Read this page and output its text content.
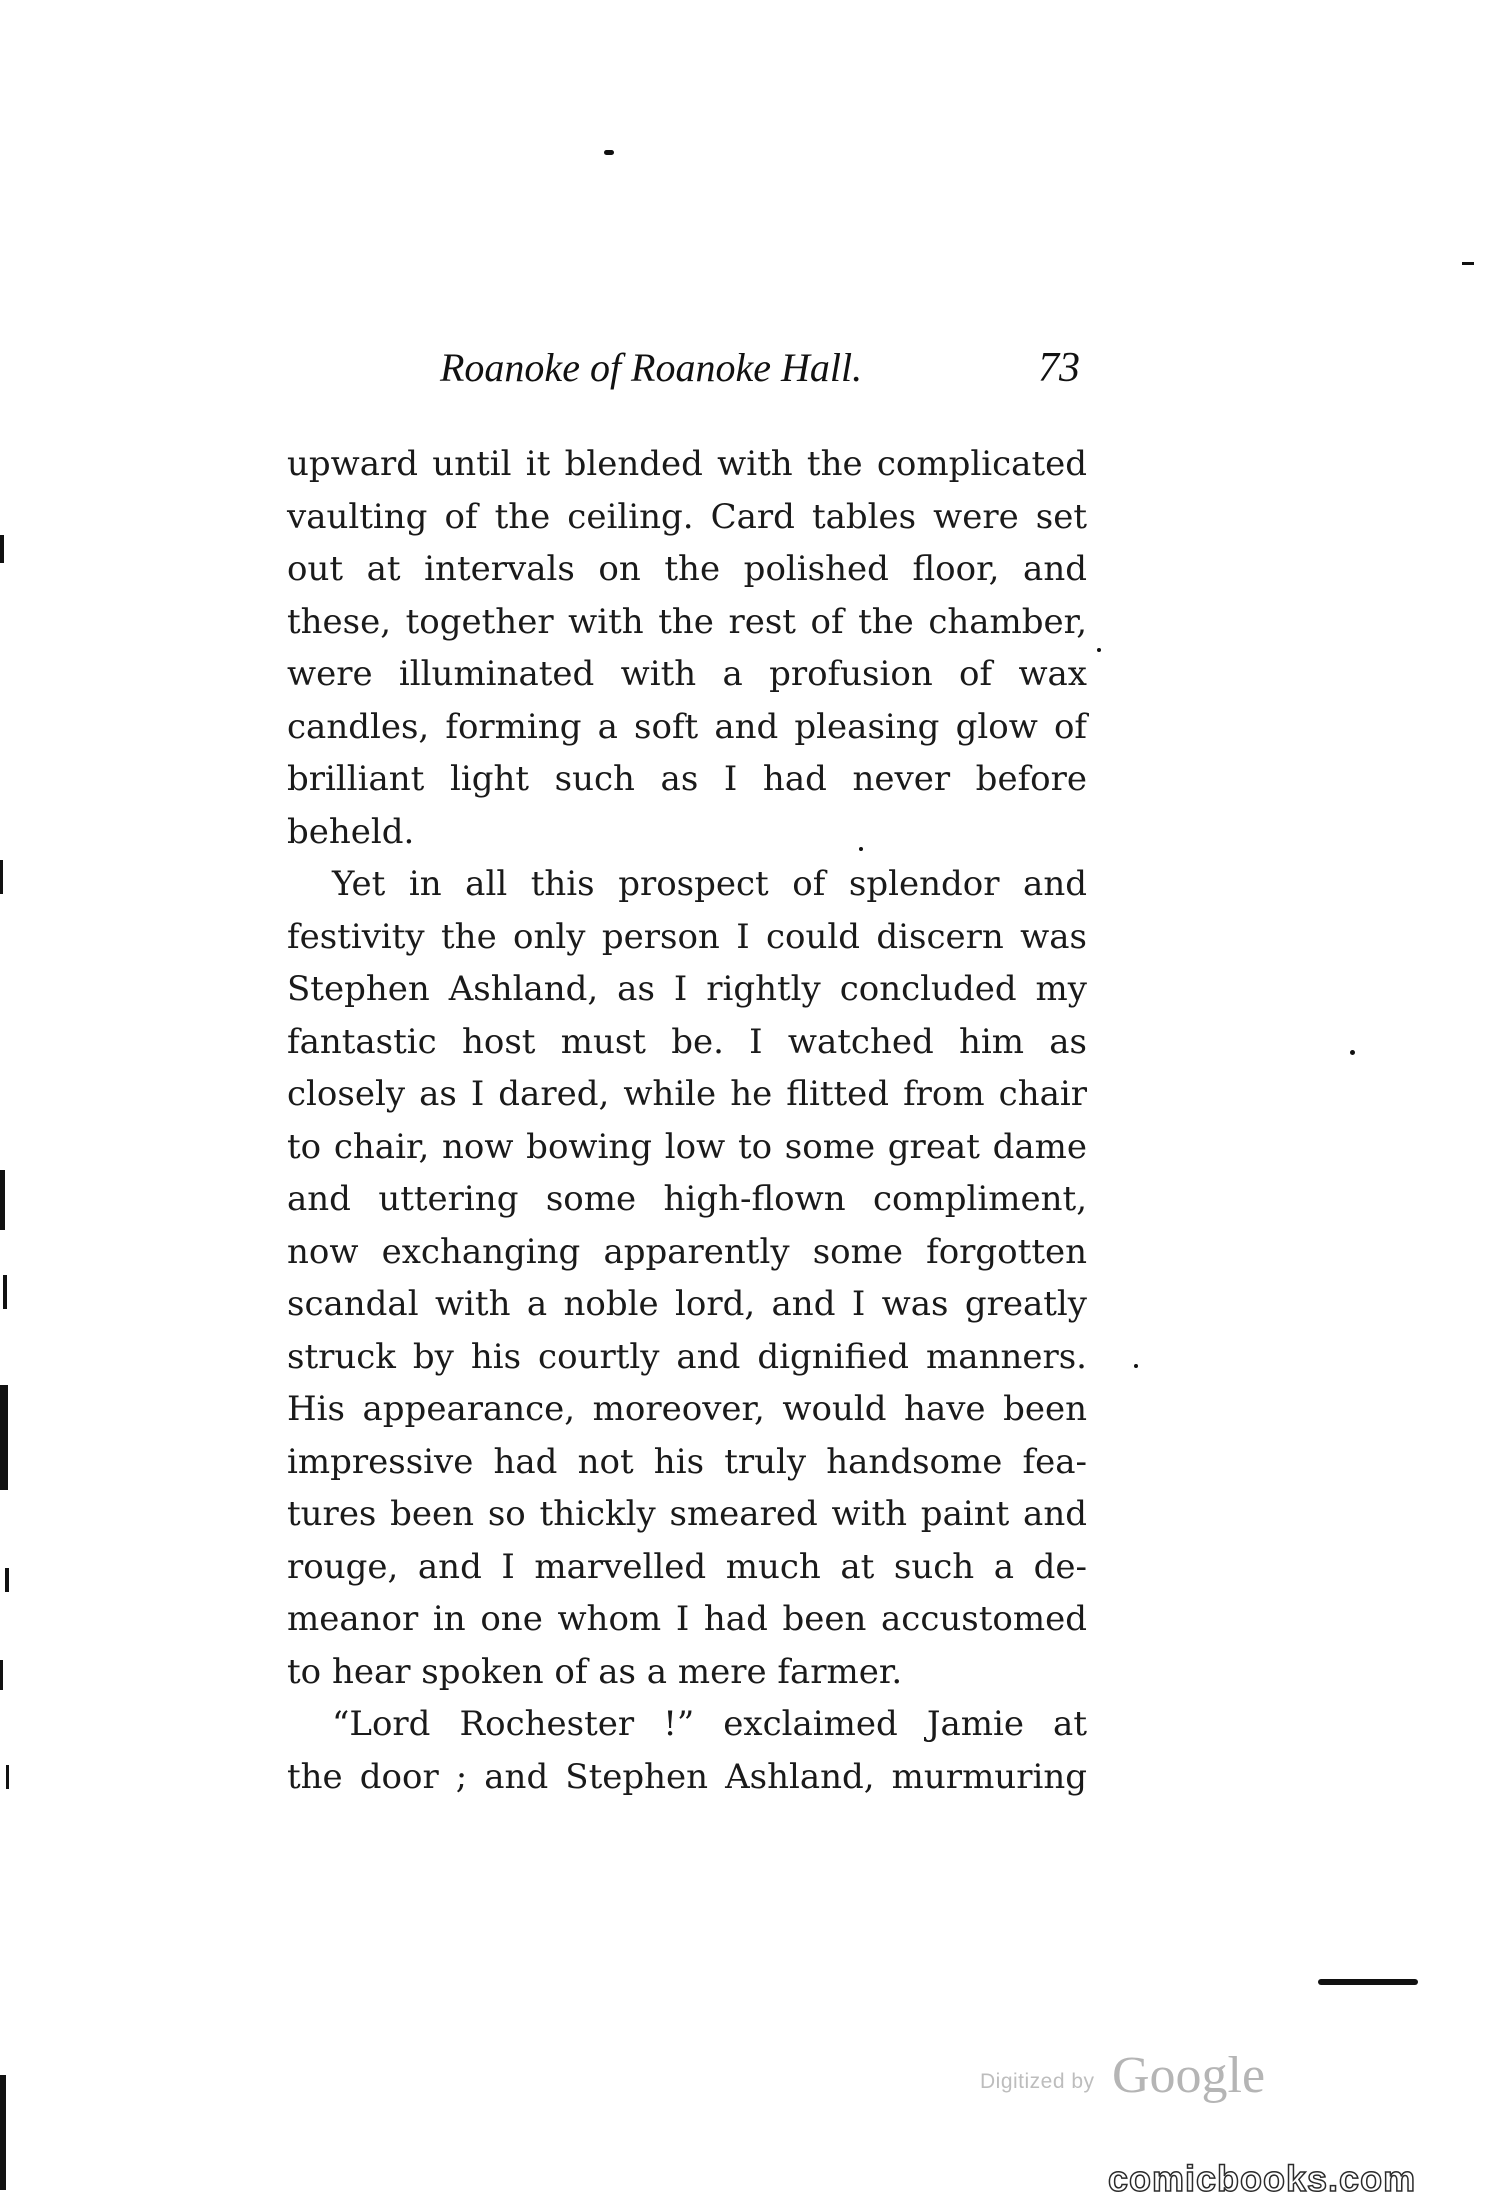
Roanoke of Roanoke Hall.	73
upward until it blended with the complicated
vaulting of the ceiling. Card tables were set
out at intervals on the polished floor, and
these, together with the rest of the chamber,
were illuminated with a profusion of wax
candles, forming a soft and pleasing glow of
brilliant light such as I had never before
beheld.
Yet in all this prospect of splendor and
festivity the only person I could discern was
Stephen Ashland, as I rightly concluded my
fantastic host must be. I watched him as
closely as I dared, while he flitted from chair
to chair, now bowing low to some great dame
and uttering some high-flown compliment,
now exchanging apparently some forgotten
scandal with a noble lord, and I was greatly
struck by his courtly and dignified manners.
His appearance, moreover, would have been
impressive had not his truly handsome fea-
tures been so thickly smeared with paint and
rouge, and I marvelled much at such a de-
meanor in one whom I had been accustomed
to hear spoken of as a mere farmer.
“Lord Rochester !” exclaimed Jamie at
the door ; and Stephen Ashland, murmuring
Digitized by Google
comicbooks.com
